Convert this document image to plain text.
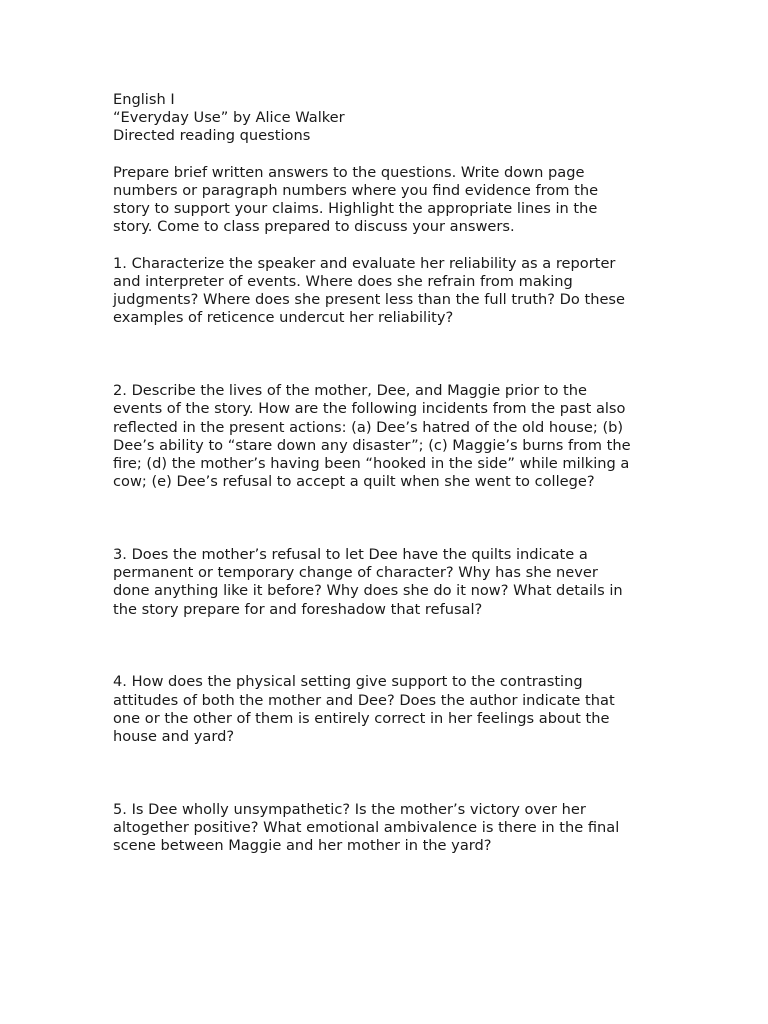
English I
“Everyday Use” by Alice Walker
Directed reading questions
Prepare brief written answers to the questions. Write down page
numbers or paragraph numbers where you find evidence from the
story to support your claims. Highlight the appropriate lines in the
story. Come to class prepared to discuss your answers.
1. Characterize the speaker and evaluate her reliability as a reporter
and interpreter of events. Where does she refrain from making
judgments? Where does she present less than the full truth? Do these
examples of reticence undercut her reliability?
2. Describe the lives of the mother, Dee, and Maggie prior to the
events of the story. How are the following incidents from the past also
reflected in the present actions: (a) Dee’s hatred of the old house; (b)
Dee’s ability to “stare down any disaster”; (c) Maggie’s burns from the
fire; (d) the mother’s having been “hooked in the side” while milking a
cow; (e) Dee’s refusal to accept a quilt when she went to college?
3. Does the mother’s refusal to let Dee have the quilts indicate a
permanent or temporary change of character? Why has she never
done anything like it before? Why does she do it now? What details in
the story prepare for and foreshadow that refusal?
4. How does the physical setting give support to the contrasting
attitudes of both the mother and Dee? Does the author indicate that
one or the other of them is entirely correct in her feelings about the
house and yard?
5. Is Dee wholly unsympathetic? Is the mother’s victory over her
altogether positive? What emotional ambivalence is there in the final
scene between Maggie and her mother in the yard?
